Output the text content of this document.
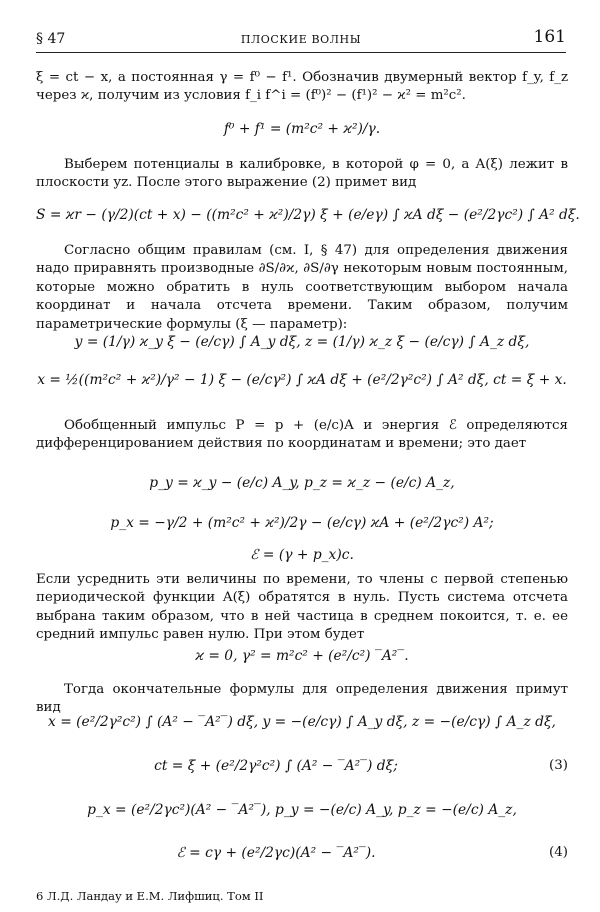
§ 47	ПЛОСКИЕ ВОЛНЫ	161
ξ = ct − x, а постоянная γ = f⁰ − f¹. Обозначив двумерный вектор f_y, f_z через ϰ, получим из условия f_i f^i = (f⁰)² − (f¹)² − ϰ² = m²c².
f⁰ + f¹ = (m²c² + ϰ²)/γ.
Выберем потенциалы в калибровке, в которой φ = 0, а A(ξ) лежит в плоскости yz. После этого выражение (2) примет вид
S = ϰr − (γ/2)(ct + x) − ((m²c² + ϰ²)/2γ) ξ + (e/eγ) ∫ ϰA dξ − (e²/2γc²) ∫ A² dξ.
Согласно общим правилам (см. I, § 47) для определения движения надо приравнять производные ∂S/∂ϰ, ∂S/∂γ некоторым новым постоянным, которые можно обратить в нуль соответствующим выбором начала координат и начала отсчета времени. Таким образом, получим параметрические формулы (ξ — параметр):
y = (1/γ) ϰ_y ξ − (e/cγ) ∫ A_y dξ, z = (1/γ) ϰ_z ξ − (e/cγ) ∫ A_z dξ,
x = ½((m²c² + ϰ²)/γ² − 1) ξ − (e/cγ²) ∫ ϰA dξ + (e²/2γ²c²) ∫ A² dξ, ct = ξ + x.
Обобщенный импульс P = p + (e/c)A и энергия ℰ определяются дифференцированием действия по координатам и времени; это дает
p_y = ϰ_y − (e/c) A_y, p_z = ϰ_z − (e/c) A_z,
p_x = −γ/2 + (m²c² + ϰ²)/2γ − (e/cγ) ϰA + (e²/2γc²) A²;
ℰ = (γ + p_x)c.
Если усреднить эти величины по времени, то члены с первой степенью периодической функции A(ξ) обратятся в нуль. Пусть система отсчета выбрана таким образом, что в ней частица в среднем покоится, т. е. ее средний импульс равен нулю. При этом будет
ϰ = 0, γ² = m²c² + (e²/c²) ‾A²‾.
Тогда окончательные формулы для определения движения примут вид
x = (e²/2γ²c²) ∫ (A² − ‾A²‾) dξ, y = −(e/cγ) ∫ A_y dξ, z = −(e/cγ) ∫ A_z dξ,
ct = ξ + (e²/2γ²c²) ∫ (A² − ‾A²‾) dξ;	(3)
p_x = (e²/2γc²)(A² − ‾A²‾), p_y = −(e/c) A_y, p_z = −(e/c) A_z,
ℰ = cγ + (e²/2γc)(A² − ‾A²‾).	(4)
6 Л.Д. Ландау и Е.М. Лифшиц. Том II
